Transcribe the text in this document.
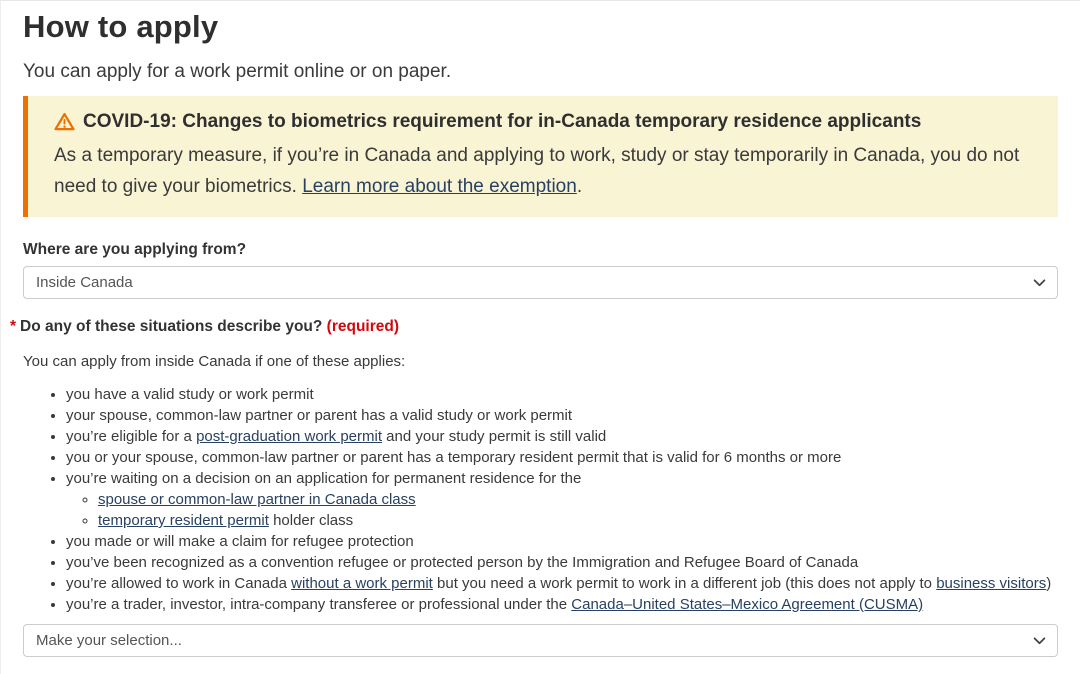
How to apply

You can apply for a work permit online or on paper.

COVID-19: Changes to biometrics requirement for in-Canada temporary residence applicants

As a temporary measure, if you’re in Canada and applying to work, study or stay temporarily in Canada, you do not need to give your biometrics. Learn more about the exemption.

Where are you applying from?
Inside Canada
* Do any of these situations describe you? (required)

You can apply from inside Canada if one of these applies:

• you have a valid study or work permit
• your spouse, common-law partner or parent has a valid study or work permit
• you’re eligible for a post-graduation work permit and your study permit is still valid
• you or your spouse, common-law partner or parent has a temporary resident permit that is valid for 6 months or more
• you’re waiting on a decision on an application for permanent residence for the
◦ spouse or common-law partner in Canada class
◦ temporary resident permit holder class
• you made or will make a claim for refugee protection
• you’ve been recognized as a convention refugee or protected person by the Immigration and Refugee Board of Canada
• you’re allowed to work in Canada without a work permit but you need a work permit to work in a different job (this does not apply to business visitors)
• you’re a trader, investor, intra-company transferee or professional under the Canada–United States–Mexico Agreement (CUSMA)
Make your selection...
